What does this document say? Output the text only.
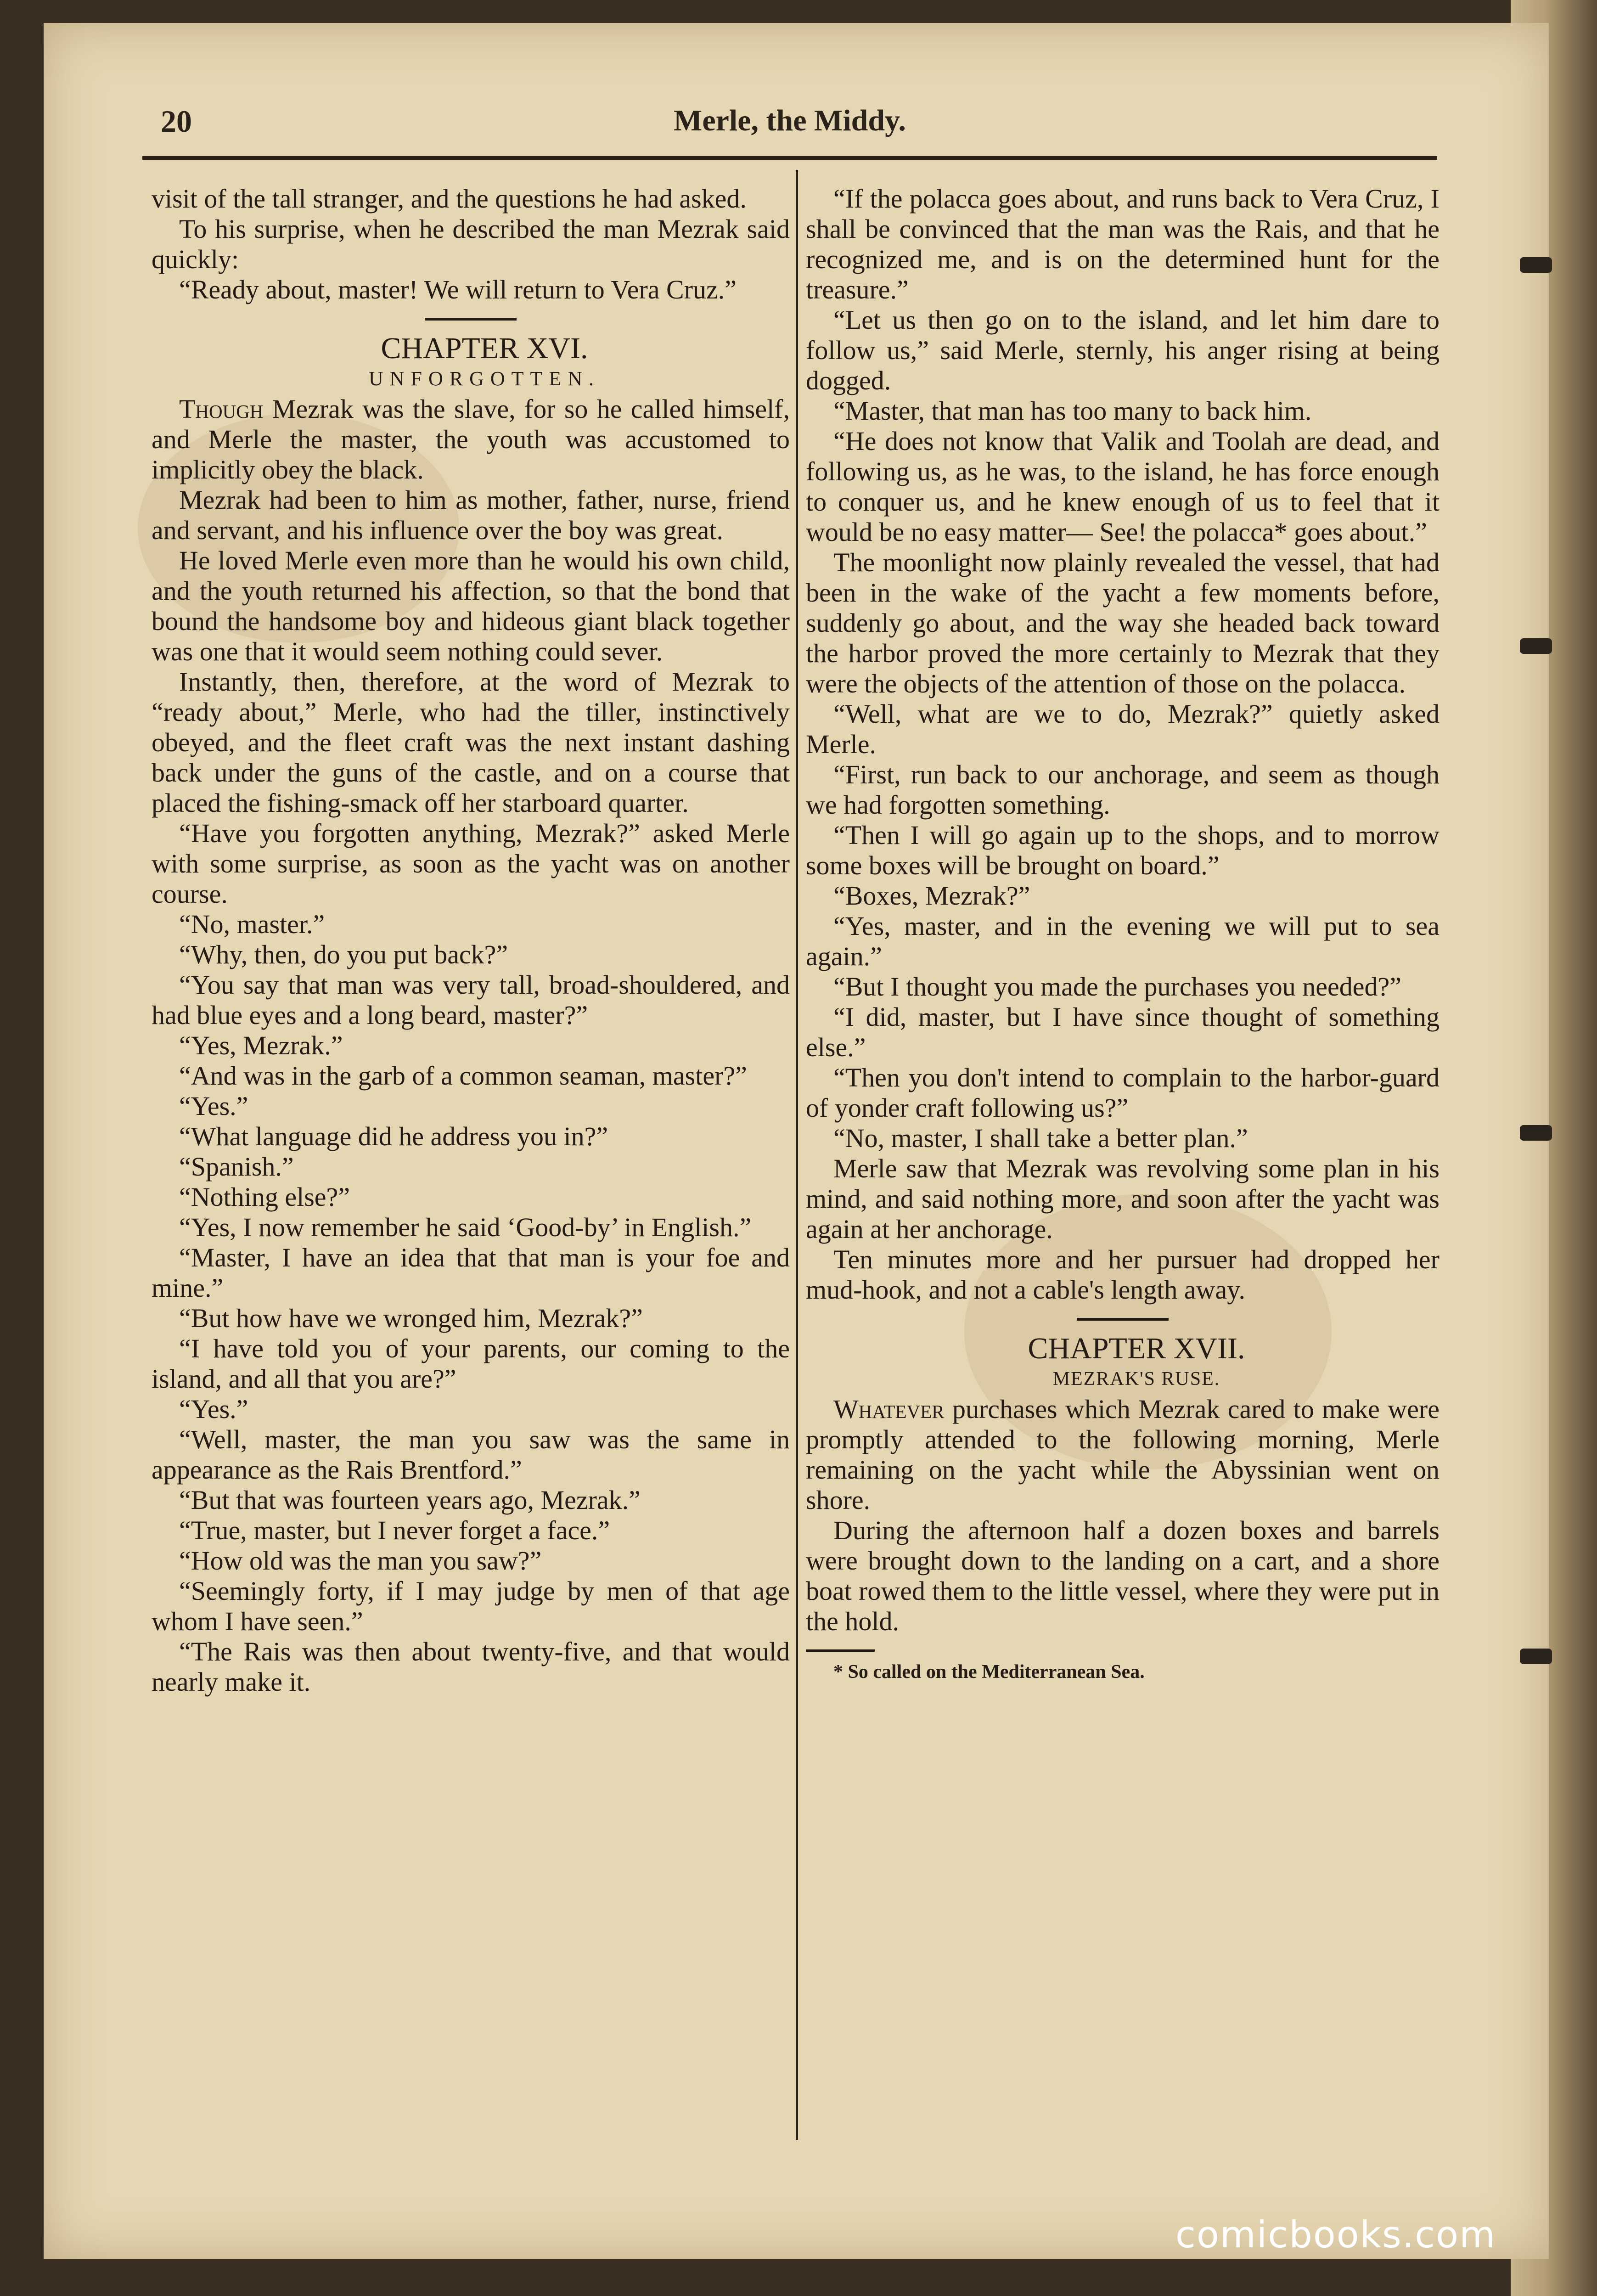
Merle, the Middy.
20

visit of the tall stranger, and the questions he had asked.

To his surprise, when he described the man Mezrak said quickly:

“Ready about, master! We will return to Vera Cruz.”

CHAPTER XVI.

UNFORGOTTEN.

Though Mezrak was the slave, for so he called himself, and Merle the master, the youth was accustomed to implicitly obey the black.

Mezrak had been to him as mother, father, nurse, friend and servant, and his influence over the boy was great.

He loved Merle even more than he would his own child, and the youth returned his affection, so that the bond that bound the handsome boy and hideous giant black together was one that it would seem nothing could sever.

Instantly, then, therefore, at the word of Mezrak to “ready about,” Merle, who had the tiller, instinctively obeyed, and the fleet craft was the next instant dashing back under the guns of the castle, and on a course that placed the fishing-smack off her starboard quarter.

“Have you forgotten anything, Mezrak?” asked Merle with some surprise, as soon as the yacht was on another course.

“No, master.”

“Why, then, do you put back?”

“You say that man was very tall, broad-shouldered, and had blue eyes and a long beard, master?”

“Yes, Mezrak.”

“And was in the garb of a common seaman, master?”

“Yes.”

“What language did he address you in?”

“Spanish.”

“Nothing else?”

“Yes, I now remember he said ‘Good-by’ in English.”

“Master, I have an idea that that man is your foe and mine.”

“But how have we wronged him, Mezrak?”

“I have told you of your parents, our coming to the island, and all that you are?”

“Yes.”

“Well, master, the man you saw was the same in appearance as the Rais Brentford.”

“But that was fourteen years ago, Mezrak.”

“True, master, but I never forget a face.”

“How old was the man you saw?”

“Seemingly forty, if I may judge by men of that age whom I have seen.”

“The Rais was then about twenty-five, and that would nearly make it.

“If the polacca goes about, and runs back to Vera Cruz, I shall be convinced that the man was the Rais, and that he recognized me, and is on the determined hunt for the treasure.”

“Let us then go on to the island, and let him dare to follow us,” said Merle, sternly, his anger rising at being dogged.

“Master, that man has too many to back him.

“He does not know that Valik and Toolah are dead, and following us, as he was, to the island, he has force enough to conquer us, and he knew enough of us to feel that it would be no easy matter— See! the polacca* goes about.”

The moonlight now plainly revealed the vessel, that had been in the wake of the yacht a few moments before, suddenly go about, and the way she headed back toward the harbor proved the more certainly to Mezrak that they were the objects of the attention of those on the polacca.

“Well, what are we to do, Mezrak?” quietly asked Merle.

“First, run back to our anchorage, and seem as though we had forgotten something.

“Then I will go again up to the shops, and to morrow some boxes will be brought on board.”

“Boxes, Mezrak?”

“Yes, master, and in the evening we will put to sea again.”

“But I thought you made the purchases you needed?”

“I did, master, but I have since thought of something else.”

“Then you don't intend to complain to the harbor-guard of yonder craft following us?”

“No, master, I shall take a better plan.”

Merle saw that Mezrak was revolving some plan in his mind, and said nothing more, and soon after the yacht was again at her anchorage.

Ten minutes more and her pursuer had dropped her mud-hook, and not a cable's length away.

CHAPTER XVII.

MEZRAK'S RUSE.

Whatever purchases which Mezrak cared to make were promptly attended to the following morning, Merle remaining on the yacht while the Abyssinian went on shore.

During the afternoon half a dozen boxes and barrels were brought down to the landing on a cart, and a shore boat rowed them to the little vessel, where they were put in the hold.

* So called on the Mediterranean Sea.

comicbooks.com
